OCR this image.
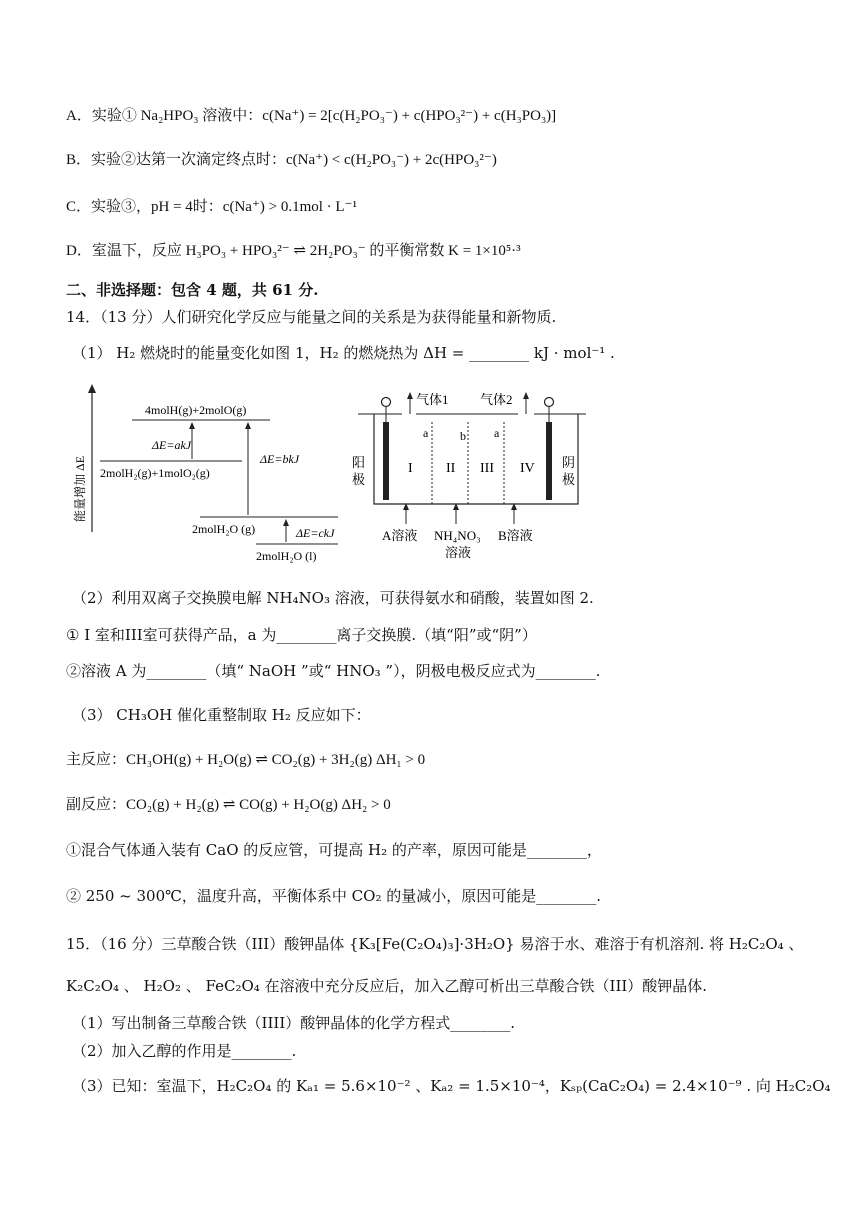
A．实验① Na₂HPO₃ 溶液中：c(Na⁺) = 2[c(H₂PO₃⁻) + c(HPO₃²⁻) + c(H₃PO₃)]
B．实验②达第一次滴定终点时：c(Na⁺) < c(H₂PO₃⁻) + 2c(HPO₃²⁻)
C．实验③，pH = 4时：c(Na⁺) > 0.1mol · L⁻¹
D．室温下，反应 H₃PO₃ + HPO₃²⁻ ⇌ 2H₂PO₃⁻ 的平衡常数 K = 1×10⁵·³
二、非选择题：包含 4 题，共 61 分.
14．（13 分）人们研究化学反应与能量之间的关系是为获得能量和新物质.
（1） H₂ 燃烧时的能量变化如图 1，H₂ 的燃烧热为 ΔH = ________ kJ · mol⁻¹ .
能量增加 ΔE
4molH(g)+2molO(g)
2molH₂(g)+1molO₂(g)
ΔE=akJ
2molH₂O (g)
ΔE=bkJ
2molH₂O (l)
ΔE=ckJ
气体1 气体2
a	b a
I II III IV
阳
极
阴
极
A溶液 NH₄NO₃
溶液
B溶液
（2）利用双离子交换膜电解 NH₄NO₃ 溶液，可获得氨水和硝酸，装置如图 2.
① I 室和III室可获得产品，a 为________离子交换膜.（填“阳”或“阴”）
②溶液 A 为________（填“ NaOH ”或“ HNO₃ ”），阴极电极反应式为________.
（3） CH₃OH 催化重整制取 H₂ 反应如下：
主反应：CH₃OH(g) + H₂O(g) ⇌ CO₂(g) + 3H₂(g) ΔH₁ > 0
副反应：CO₂(g) + H₂(g) ⇌ CO(g) + H₂O(g) ΔH₂ > 0
①混合气体通入装有 CaO 的反应管，可提高 H₂ 的产率，原因可能是________，
② 250 ~ 300℃，温度升高，平衡体系中 CO₂ 的量减小，原因可能是________.
15．（16 分）三草酸合铁（III）酸钾晶体 {K₃[Fe(C₂O₄)₃]·3H₂O} 易溶于水、难溶于有机溶剂. 将 H₂C₂O₄ 、
K₂C₂O₄ 、 H₂O₂ 、 FeC₂O₄ 在溶液中充分反应后，加入乙醇可析出三草酸合铁（III）酸钾晶体.
（1）写出制备三草酸合铁（IIII）酸钾晶体的化学方程式________.
（2）加入乙醇的作用是________.
（3）已知：室温下，H₂C₂O₄ 的 Kₐ₁ = 5.6×10⁻² 、Kₐ₂ = 1.5×10⁻⁴，Kₛₚ(CaC₂O₄) = 2.4×10⁻⁹ . 向 H₂C₂O₄
